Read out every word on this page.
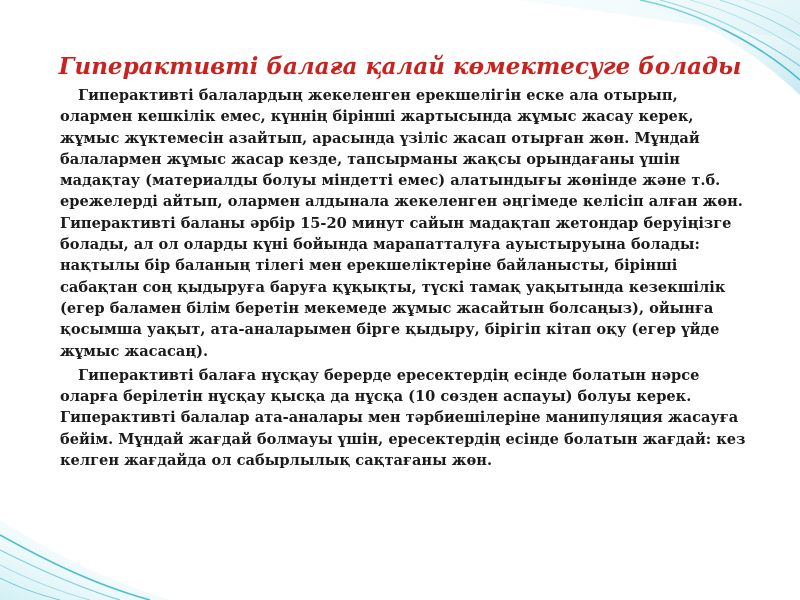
Гиперактивті балаға қалай көмектесуге болады

Гиперактивті балалардың жекеленген ерекшелігін еске ала отырып, олармен кешкілік емес, күннің бірінші жартысында жұмыс жасау керек, жұмыс жүктемесін азайтып, арасында үзіліс жасап отырған жөн. Мұндай балалармен жұмыс жасар кезде, тапсырманы жақсы орындағаны үшін мадақтау (материалды болуы міндетті емес) алатындығы жөнінде және т.б. ережелерді айтып, олармен алдынала жекеленген әңгімеде келісіп алған жөн. Гиперактивті баланы әрбір 15-20 минут сайын мадақтап жетондар беруіңізге болады, ал ол оларды күні бойында марапатталуға ауыстыруына болады: нақтылы бір баланың тілегі мен ерекшеліктеріне байланысты, бірінші сабақтан соң қыдыруға баруға құқықты, түскі тамақ уақытында кезекшілік (егер баламен білім беретін мекемеде жұмыс жасайтын болсаңыз), ойынға қосымша уақыт, ата-аналарымен бірге қыдыру, бірігіп кітап оқу (егер үйде жұмыс жасасаң).

Гиперактивті балаға нұсқау берерде ересектердің есінде болатын нәрсе оларға берілетін нұсқау қысқа да нұсқа (10 сөзден аспауы) болуы керек. Гиперактивті балалар ата-аналары мен тәрбиешілеріне манипуляция жасауға бейім. Мұндай жағдай болмауы үшін, ересектердің есінде болатын жағдай: кез келген жағдайда ол сабырлылық сақтағаны жөн.
